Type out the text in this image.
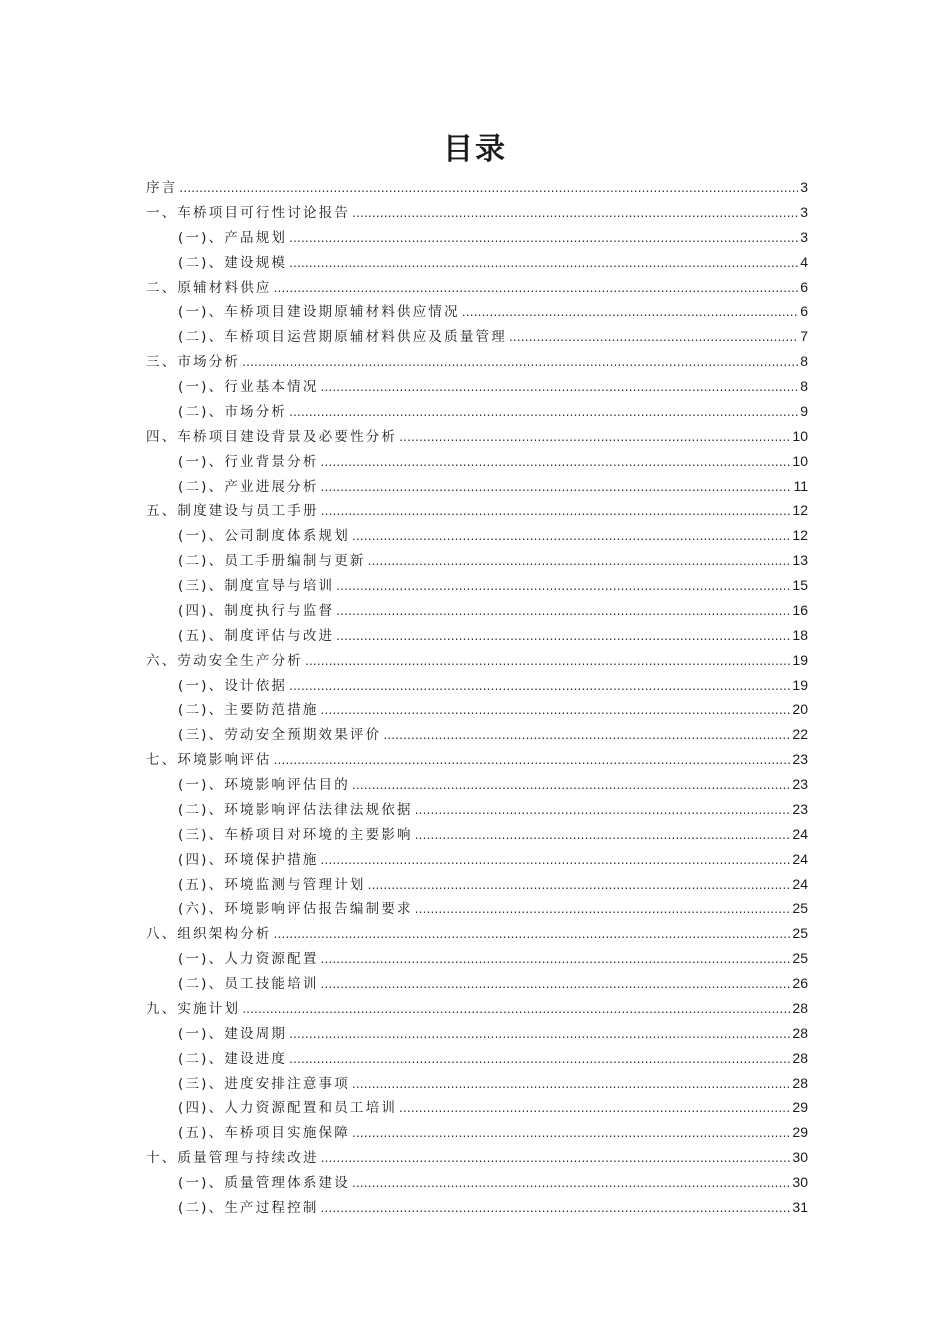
目录
序言 .....	3
一、车桥项目可行性讨论报告 .....	3
(一)、产品规划 .....	3
(二)、建设规模 .....	4
二、原辅材料供应 .....	6
(一)、车桥项目建设期原辅材料供应情况 .....	6
(二)、车桥项目运营期原辅材料供应及质量管理 .....	7
三、市场分析 .....	8
(一)、行业基本情况 .....	8
(二)、市场分析 .....	9
四、车桥项目建设背景及必要性分析 .....	10
(一)、行业背景分析 .....	10
(二)、产业进展分析 .....	11
五、制度建设与员工手册 .....	12
(一)、公司制度体系规划 .....	12
(二)、员工手册编制与更新 .....	13
(三)、制度宣导与培训 .....	15
(四)、制度执行与监督 .....	16
(五)、制度评估与改进 .....	18
六、劳动安全生产分析 .....	19
(一)、设计依据 .....	19
(二)、主要防范措施 .....	20
(三)、劳动安全预期效果评价 .....	22
七、环境影响评估 .....	23
(一)、环境影响评估目的 .....	23
(二)、环境影响评估法律法规依据 .....	23
(三)、车桥项目对环境的主要影响 .....	24
(四)、环境保护措施 .....	24
(五)、环境监测与管理计划 .....	24
(六)、环境影响评估报告编制要求 .....	25
八、组织架构分析 .....	25
(一)、人力资源配置 .....	25
(二)、员工技能培训 .....	26
九、实施计划 .....	28
(一)、建设周期 .....	28
(二)、建设进度 .....	28
(三)、进度安排注意事项 .....	28
(四)、人力资源配置和员工培训 .....	29
(五)、车桥项目实施保障 .....	29
十、质量管理与持续改进 .....	30
(一)、质量管理体系建设 .....	30
(二)、生产过程控制 .....	31
